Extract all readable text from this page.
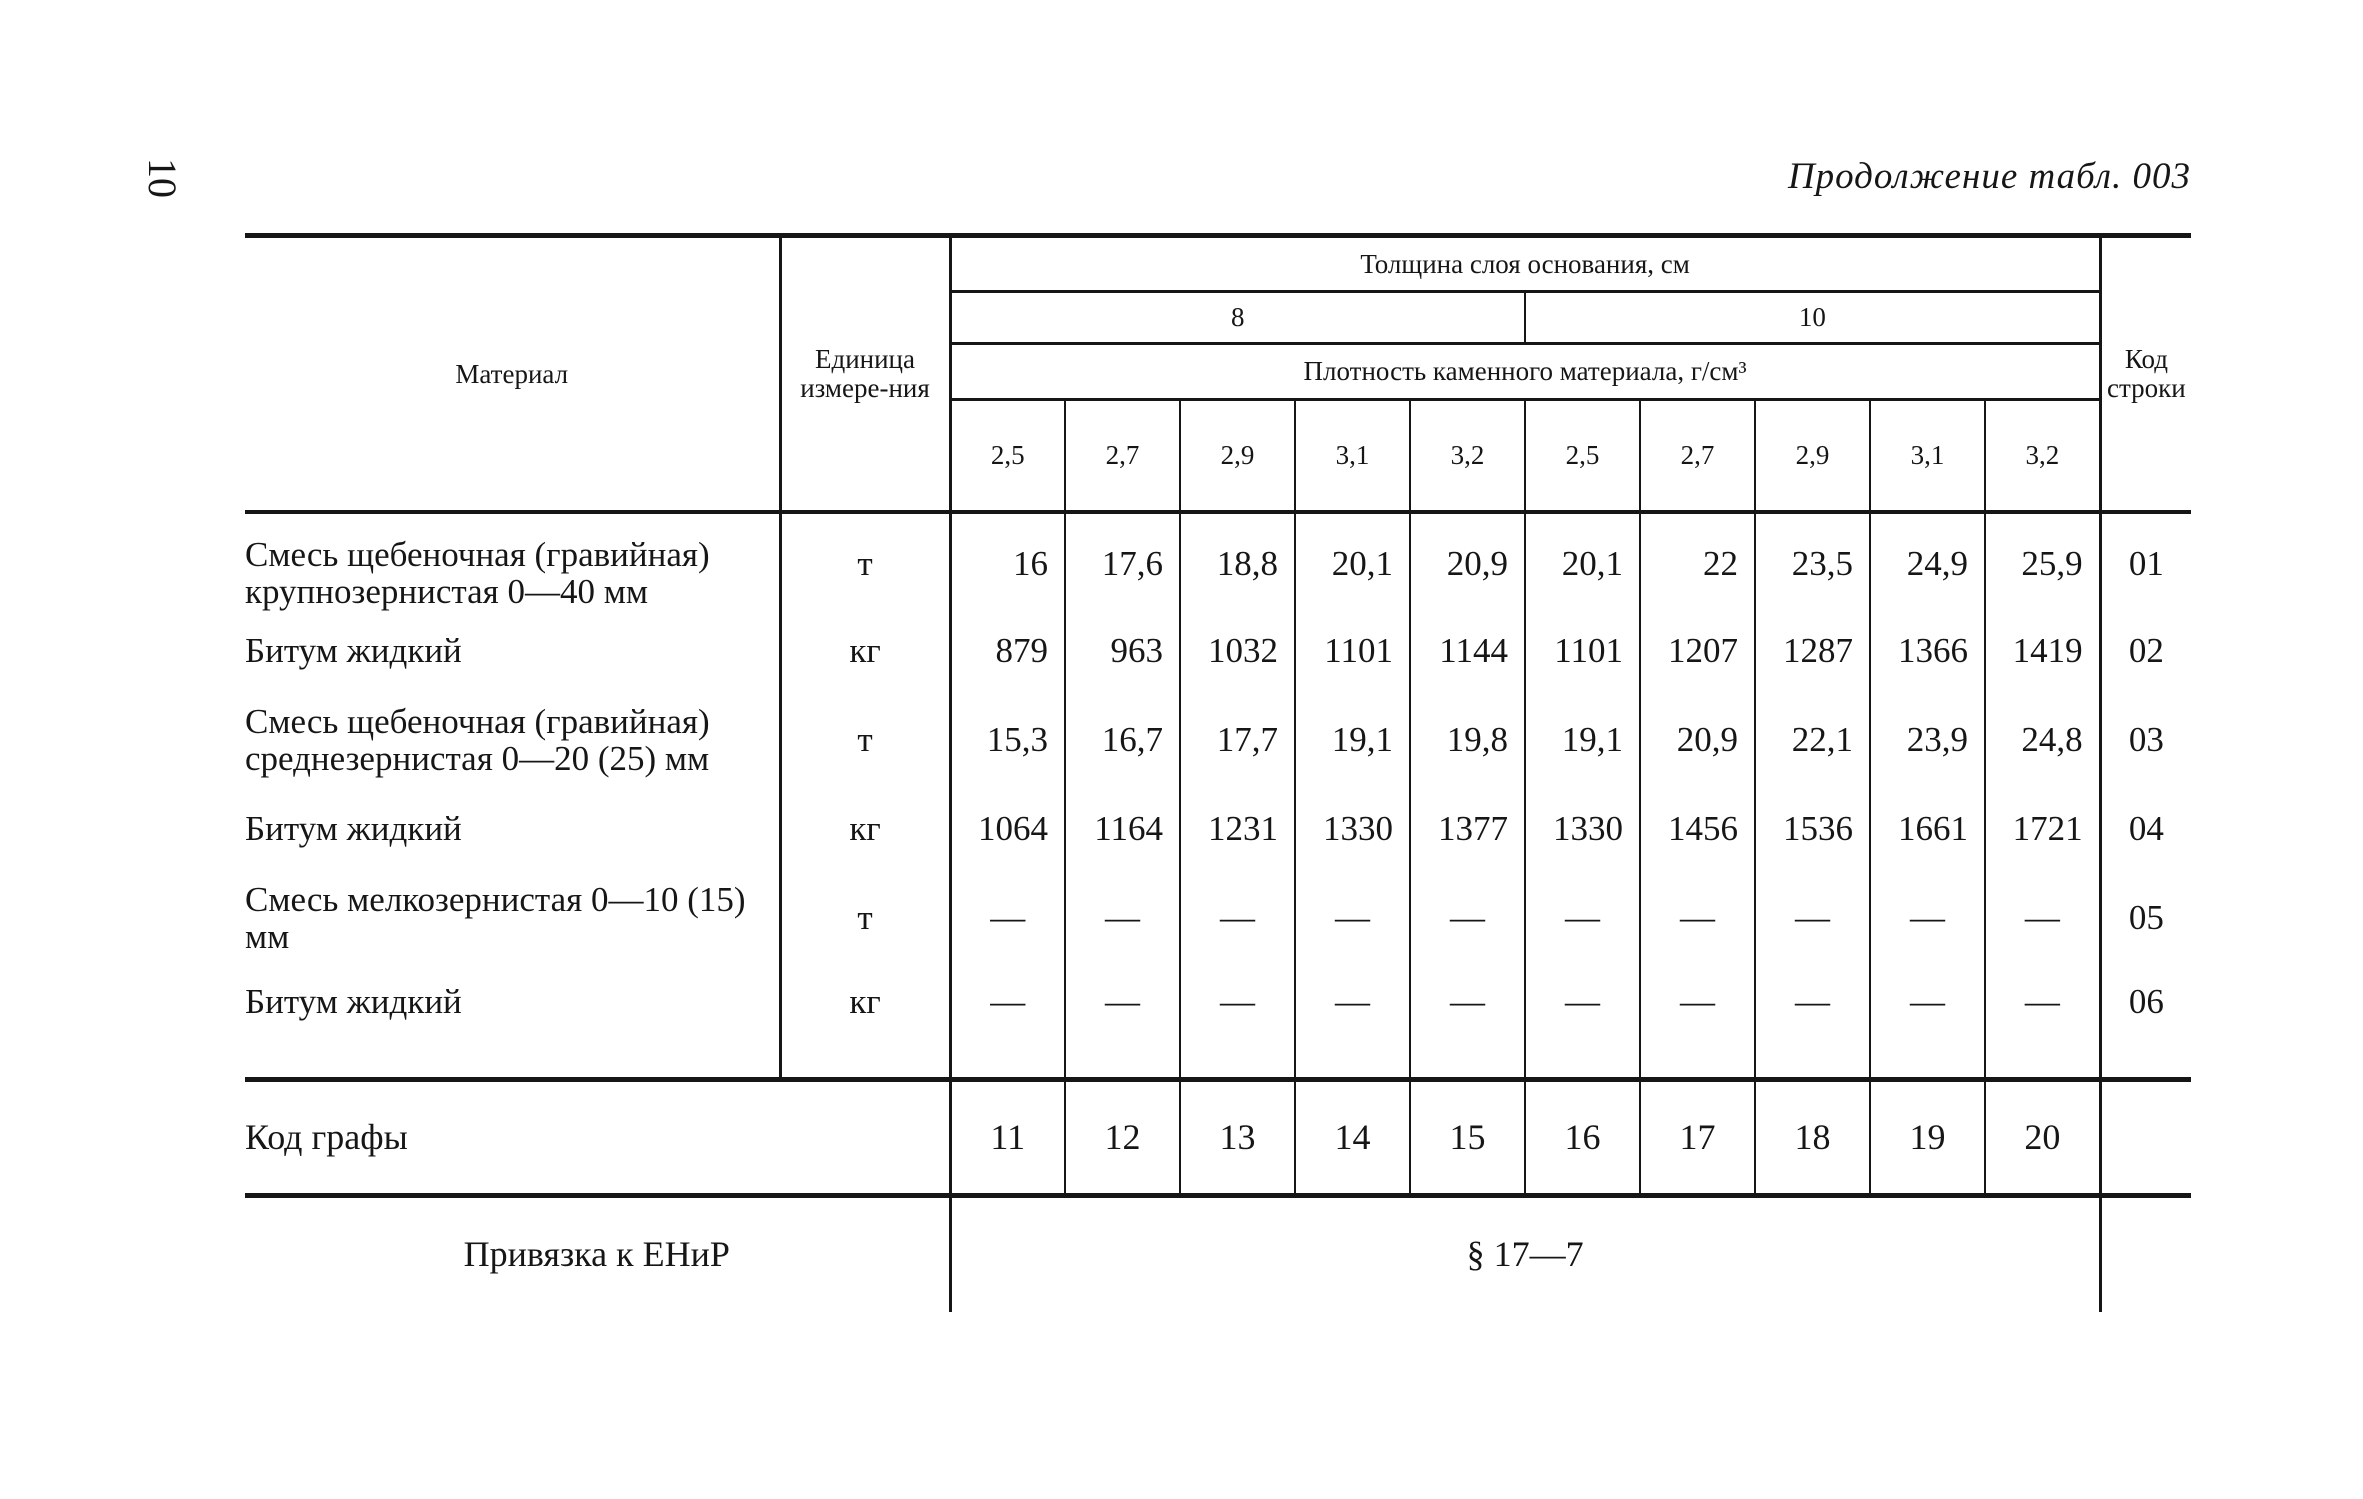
10	Продолжение табл. 003
Материал	Единица измере-ния	Толщина слоя основания, см										Код строки
		8					10					
		Плотность каменного материала, г/см³										
		2,5	2,7	2,9	3,1	3,2	2,5	2,7	2,9	3,1	3,2	
Смесь щебеночная (гравийная) крупнозернистая 0—40 мм	т	16	17,6	18,8	20,1	20,9	20,1	22	23,5	24,9	25,9	01
Битум жидкий	кг	879	963	1032	1101	1144	1101	1207	1287	1366	1419	02
Смесь щебеночная (гравийная) среднезернистая 0—20 (25) мм	т	15,3	16,7	17,7	19,1	19,8	19,1	20,9	22,1	23,9	24,8	03
Битум жидкий	кг	1064	1164	1231	1330	1377	1330	1456	1536	1661	1721	04
Смесь мелкозернистая 0—10 (15) мм	т	—	—	—	—	—	—	—	—	—	—	05
Битум жидкий	кг	—	—	—	—	—	—	—	—	—	—	06
Код графы		11	12	13	14	15	16	17	18	19	20	
Привязка к ЕНиР		§ 17—7										
